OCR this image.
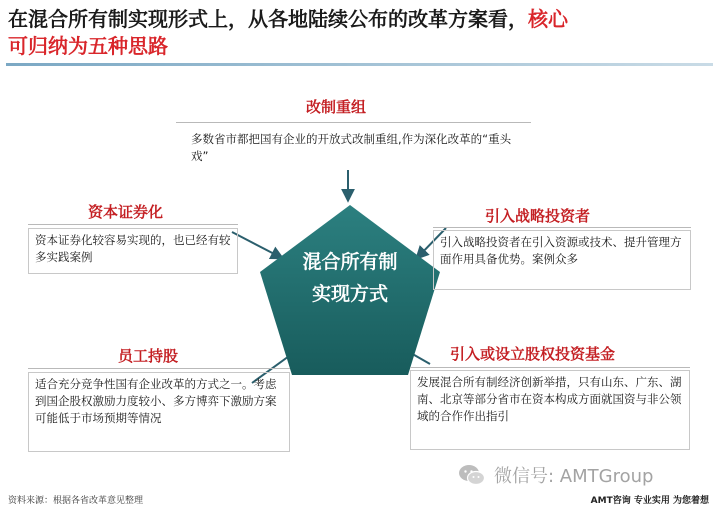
在混合所有制实现形式上，从各地陆续公布的改革方案看，核心
可归纳为五种思路
混合所有制
实现方式
改制重组
多数省市都把国有企业的开放式改制重组,作为深化改革的“重头戏”
资本证券化
资本证券化较容易实现的，也已经有较多实践案例
引入战略投资者
引入战略投资者在引入资源或技术、提升管理方面作用具备优势。案例众多
员工持股
适合充分竞争性国有企业改革的方式之一。考虑到国企股权激励力度较小、多方博弈下激励方案可能低于市场预期等情况
引入或设立股权投资基金
发展混合所有制经济创新举措，只有山东、广东、湖南、北京等部分省市在资本构成方面就国资与非公领域的合作作出指引
微信号: AMTGroup
资料来源：根据各省改革意见整理	AMT咨询 专业实用 为您着想
